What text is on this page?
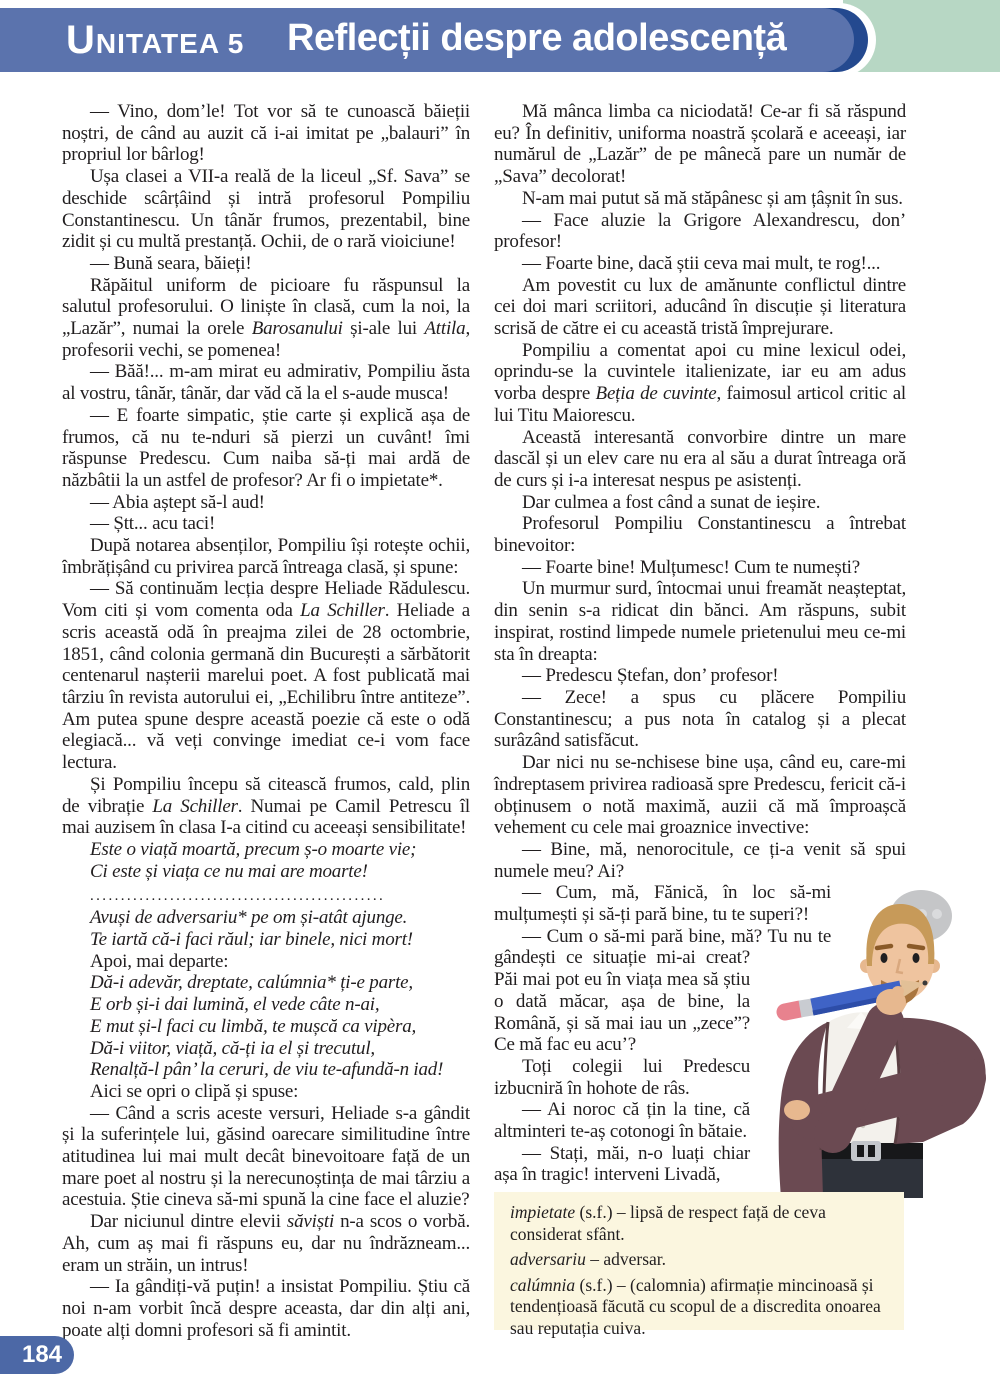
UNITATEA 5 Reflecții despre adolescență

— Vino, dom’le! Tot vor să te cunoască băieții noștri, de când au auzit că i-ai imitat pe „balauri” în propriul lor bârlog!

Ușa clasei a VII-a reală de la liceul „Sf. Sava” se deschide scârțâind și intră profesorul Pompiliu Constantinescu. Un tânăr frumos, prezentabil, bine zidit și cu multă prestanță. Ochii, de o rară vioiciune!

— Bună seara, băieți!

Răpăitul uniform de picioare fu răspunsul la salutul profesorului. O liniște în clasă, cum la noi, la „Lazăr”, numai la orele Barosanului și-ale lui Attila, profesorii vechi, se pomenea!

— Băă!... m-am mirat eu admirativ, Pompiliu ăsta al vostru, tânăr, tânăr, dar văd că la el s-aude musca!

— E foarte simpatic, știe carte și explică așa de frumos, că nu te-nduri să pierzi un cuvânt! îmi răspunse Predescu. Cum naiba să-ți mai ardă de năzbâtii la un astfel de profesor? Ar fi o impietate*.

— Abia aștept să-l aud!

— Ștt... acu taci!

După notarea absenților, Pompiliu își rotește ochii, îmbrățișând cu privirea parcă întreaga clasă, și spune:

— Să continuăm lecția despre Heliade Rădulescu. Vom citi și vom comenta oda La Schiller. Heliade a scris această odă în preajma zilei de 28 octombrie, 1851, când colonia germană din București a sărbătorit centenarul nașterii marelui poet. A fost publicată mai târziu în revista autorului ei, „Echilibru între antiteze”. Am putea spune despre această poezie că este o odă elegiacă... vă veți convinge imediat ce-i vom face lectura.

Și Pompiliu începu să citească frumos, cald, plin de vibrație La Schiller. Numai pe Camil Petrescu îl mai auzisem în clasa I-a citind cu aceeași sensibilitate!

Este o viață moartă, precum ș-o moarte vie;
Ci este și viața ce nu mai are moarte!
................................................
Avuși de adversariu* pe om și-atât ajunge.
Te iartă că-i faci răul; iar binele, nici mort!

Apoi, mai departe:

Dă-i adevăr, dreptate, calúmnia* ți-e parte,
E orb și-i dai lumină, el vede câte n-ai,
E mut și-l faci cu limbă, te mușcă ca vipèra,
Dă-i viitor, viață, că-ți ia el și trecutul,
Renalță-l pân’ la ceruri, de viu te-afundă-n iad!

Aici se opri o clipă și spuse:

— Când a scris aceste versuri, Heliade s-a gândit și la suferințele lui, găsind oarecare similitudine între atitudinea lui mai mult decât binevoitoare față de un mare poet al nostru și la nerecunoștința de mai târziu a acestuia. Știe cineva să-mi spună la cine face el aluzie?

Dar niciunul dintre elevii săviști n-a scos o vorbă. Ah, cum aș mai fi răspuns eu, dar nu îndrăzneam... eram un străin, un intrus!

— Ia gândiți-vă puțin! a insistat Pompiliu. Știu că noi n-am vorbit încă despre aceasta, dar din alți ani, poate alți domni profesori să fi amintit.

Mă mânca limba ca niciodată! Ce-ar fi să răspund eu? În definitiv, uniforma noastră școlară e aceeași, iar numărul de „Lazăr” de pe mânecă pare un număr de „Sava” decolorat!

N-am mai putut să mă stăpânesc și am țâșnit în sus.

— Face aluzie la Grigore Alexandrescu, don’ profesor!

— Foarte bine, dacă știi ceva mai mult, te rog!...

Am povestit cu lux de amănunte conflictul dintre cei doi mari scriitori, aducând în discuție și literatura scrisă de către ei cu această tristă împrejurare.

Pompiliu a comentat apoi cu mine lexicul odei, oprindu-se la cuvintele italienizate, iar eu am adus vorba despre Beția de cuvinte, faimosul articol critic al lui Titu Maiorescu.

Această interesantă convorbire dintre un mare dascăl și un elev care nu era al său a durat întreaga oră de curs și i-a interesat nespus pe asistenți.

Dar culmea a fost când a sunat de ieșire.

Profesorul Pompiliu Constantinescu a întrebat binevoitor:

— Foarte bine! Mulțumesc! Cum te numești?

Un murmur surd, întocmai unui freamăt neașteptat, din senin s-a ridicat din bănci. Am răspuns, subit inspirat, rostind limpede numele prietenului meu ce-mi sta în dreapta:

— Predescu Ștefan, don’ profesor!

— Zece! a spus cu plăcere Pompiliu Constantinescu; a pus nota în catalog și a plecat surâzând satisfăcut.

Dar nici nu se-nchisese bine ușa, când eu, care-mi îndreptasem privirea radioasă spre Predescu, fericit că-i obținusem o notă maximă, auzii că mă împroașcă vehement cu cele mai groaznice invective:

— Bine, mă, nenorocitule, ce ți-a venit să spui numele meu? Ai?

— Cum, mă, Fănică, în loc să-mi mulțumești și să-ți pară bine, tu te superi?!

— Cum o să-mi pară bine, mă? Tu nu te gândești ce situație mi-ai creat? Păi mai pot eu în viața mea să știu o dată măcar, așa de bine, la Română, și să mai iau un „zece”? Ce mă fac eu acu’?

Toți colegii lui Predescu izbucniră în hohote de râs.

— Ai noroc că țin la tine, că altminteri te-aș cotonogi în bătaie.

— Stați, măi, n-o luați chiar așa în tragic! interveni Livadă,

impietate (s.f.) – lipsă de respect față de ceva considerat sfânt.

adversariu – adversar.

calúmnia (s.f.) – (calomnia) afirmație mincinoasă și tendențioasă făcută cu scopul de a discredita onoarea sau reputația cuiva.

184
